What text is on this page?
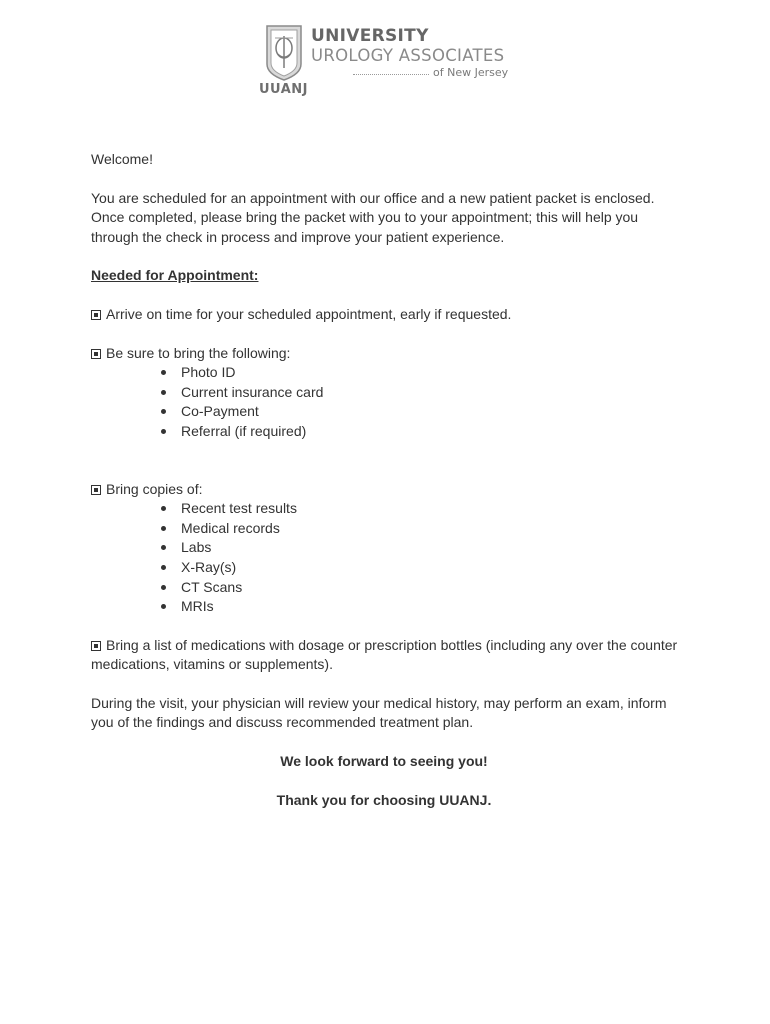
UNIVERSITY
UROLOGY ASSOCIATES
of New Jersey
UUANJ

Welcome!

You are scheduled for an appointment with our office and a new patient packet is enclosed.
Once completed, please bring the packet with you to your appointment; this will help you
through the check in process and improve your patient experience.

Needed for Appointment:

Arrive on time for your scheduled appointment, early if requested.

Be sure to bring the following:

Photo ID
Current insurance card
Co-Payment
Referral (if required)

Bring copies of:

Recent test results
Medical records
Labs
X-Ray(s)
CT Scans
MRIs

Bring a list of medications with dosage or prescription bottles (including any over the counter
medications, vitamins or supplements).

During the visit, your physician will review your medical history, may perform an exam, inform
you of the findings and discuss recommended treatment plan.

We look forward to seeing you!

Thank you for choosing UUANJ.
